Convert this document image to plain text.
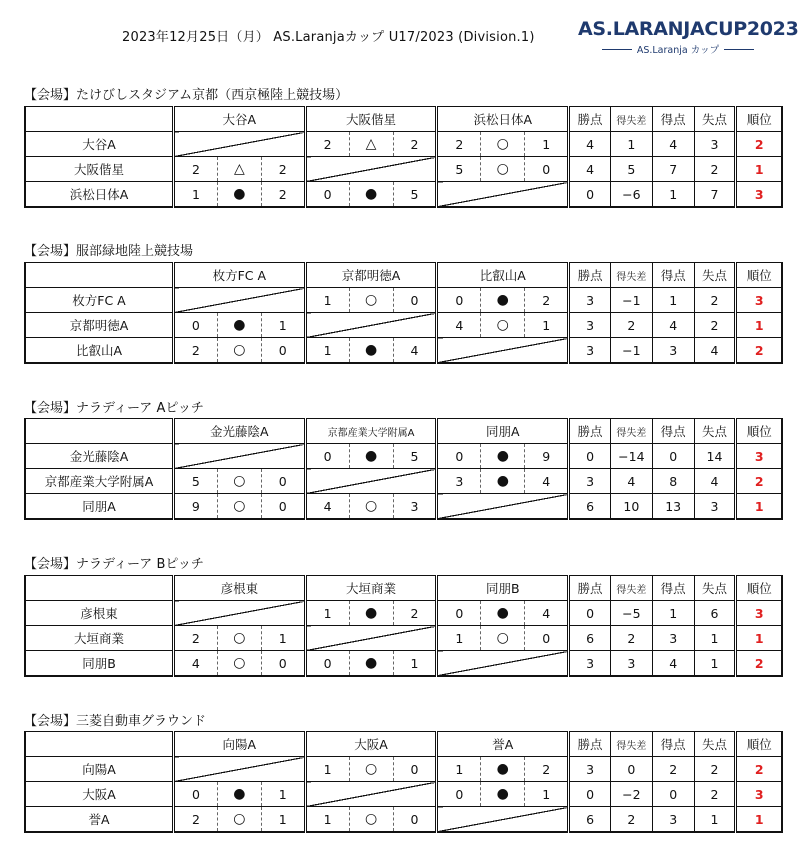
2023年12月25日（月） AS.Laranjaカップ U17/2023 (Division.1) AS.LARANJACUP2023
AS.Laranja カップ
【会場】たけびしスタジアム京都（西京極陸上競技場）
	大谷A			大阪偕星			浜松日体A			勝点	得失差	得点	失点	順位
大谷A				2	△	2	2	○	1	4	1	4	3	2
大阪偕星	2	△	2				5	○	0	4	5	7	2	1
浜松日体A	1	●	2	0	●	5				0	−6	1	7	3
【会場】服部緑地陸上競技場
	枚方FC A			京都明徳A			比叡山A			勝点	得失差	得点	失点	順位
枚方FC A				1	○	0	0	●	2	3	−1	1	2	3
京都明徳A	0	●	1				4	○	1	3	2	4	2	1
比叡山A	2	○	0	1	●	4				3	−1	3	4	2
【会場】ナラディーア Aピッチ
	金光藤陰A			京都産業大学附属A			同朋A			勝点	得失差	得点	失点	順位
金光藤陰A				0	●	5	0	●	9	0	−14	0	14	3
京都産業大学附属A	5	○	0				3	●	4	3	4	8	4	2
同朋A	9	○	0	4	○	3				6	10	13	3	1
【会場】ナラディーア Bピッチ
	彦根東			大垣商業			同朋B			勝点	得失差	得点	失点	順位
彦根東				1	●	2	0	●	4	0	−5	1	6	3
大垣商業	2	○	1				1	○	0	6	2	3	1	1
同朋B	4	○	0	0	●	1				3	3	4	1	2
【会場】三菱自動車グラウンド
	向陽A			大阪A			誉A			勝点	得失差	得点	失点	順位
向陽A				1	○	0	1	●	2	3	0	2	2	2
大阪A	0	●	1				0	●	1	0	−2	0	2	3
誉A	2	○	1	1	○	0				6	2	3	1	1
